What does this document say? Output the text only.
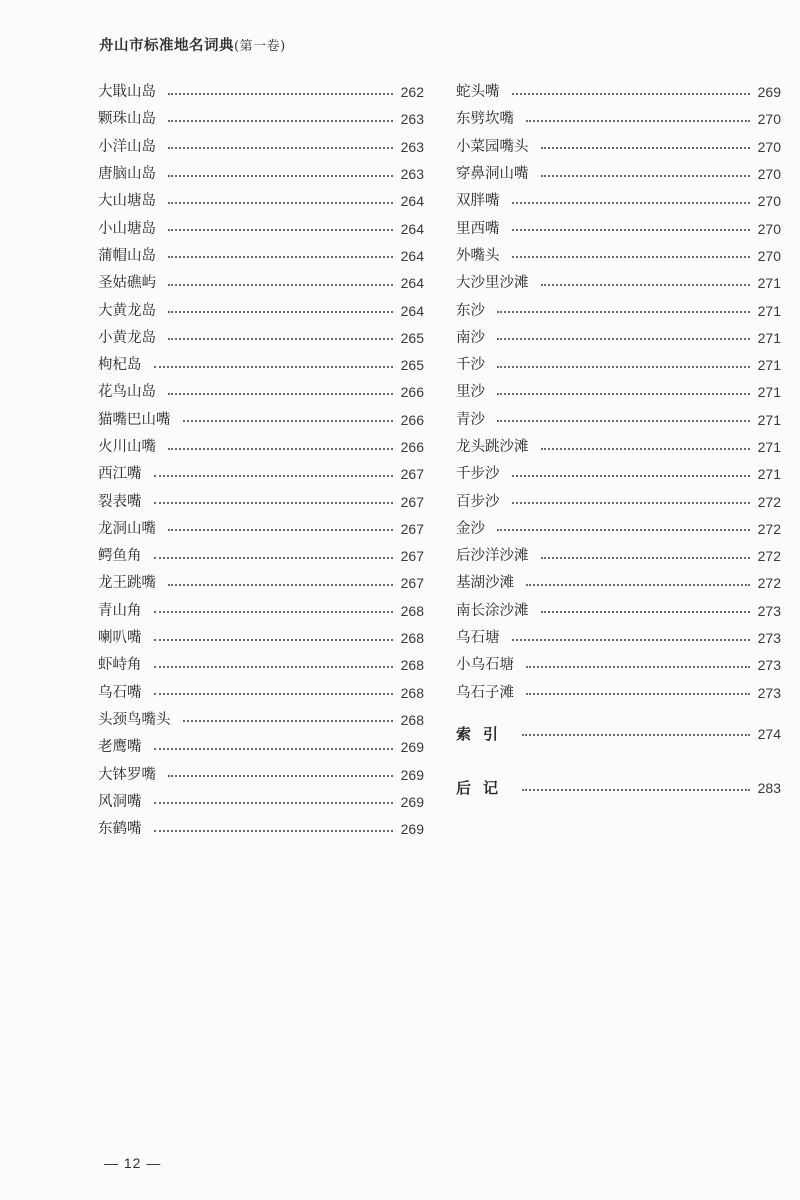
舟山市标准地名词典(第一卷)
大戢山岛	262
颗珠山岛	263
小洋山岛	263
唐脑山岛	263
大山塘岛	264
小山塘岛	264
蒲帽山岛	264
圣姑礁屿	264
大黄龙岛	264
小黄龙岛	265
枸杞岛	265
花鸟山岛	266
猫嘴巴山嘴	266
火川山嘴	266
西江嘴	267
裂表嘴	267
龙洞山嘴	267
鳄鱼角	267
龙王跳嘴	267
青山角	268
喇叭嘴	268
虾峙角	268
乌石嘴	268
头颈鸟嘴头	268
老鹰嘴	269
大钵罗嘴	269
风洞嘴	269
东鹤嘴	269
蛇头嘴	269
东劈坎嘴	270
小菜园嘴头	270
穿鼻洞山嘴	270
双胖嘴	270
里西嘴	270
外嘴头	270
大沙里沙滩	271
东沙	271
南沙	271
千沙	271
里沙	271
青沙	271
龙头跳沙滩	271
千步沙	271
百步沙	272
金沙	272
后沙洋沙滩	272
基湖沙滩	272
南长涂沙滩	273
乌石塘	273
小乌石塘	273
乌石子滩	273
索引	274
后记	283
— 12 —
